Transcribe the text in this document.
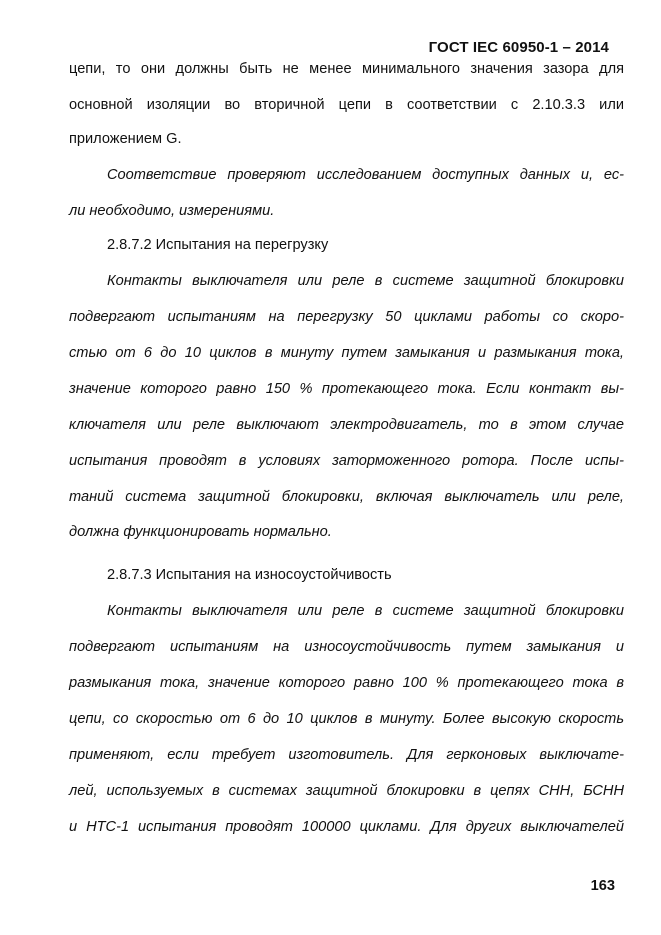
ГОСТ IEC 60950-1 – 2014
цепи, то они должны быть не менее минимального значения зазора для
основной изоляции во вторичной цепи в соответствии с 2.10.3.3 или
приложением G.
Соответствие проверяют исследованием доступных данных и, ес-
ли необходимо, измерениями.
2.8.7.2 Испытания на перегрузку
Контакты выключателя или реле в системе защитной блокировки
подвергают испытаниям на перегрузку 50 циклами работы со скоро-
стью от 6 до 10 циклов в минуту путем замыкания и размыкания тока,
значение которого равно 150 % протекающего тока. Если контакт вы-
ключателя или реле выключают электродвигатель, то в этом случае
испытания проводят в условиях заторможенного ротора. После испы-
таний система защитной блокировки, включая выключатель или реле,
должна функционировать нормально.
2.8.7.3 Испытания на износоустойчивость
Контакты выключателя или реле в системе защитной блокировки
подвергают испытаниям на износоустойчивость путем замыкания и
размыкания тока, значение которого равно 100 % протекающего тока в
цепи, со скоростью от 6 до 10 циклов в минуту. Более высокую скорость
применяют, если требует изготовитель. Для герконовых выключате-
лей, используемых в системах защитной блокировки в цепях СНН, БСНН
и НТС-1 испытания проводят 100000 циклами. Для других выключателей
163
